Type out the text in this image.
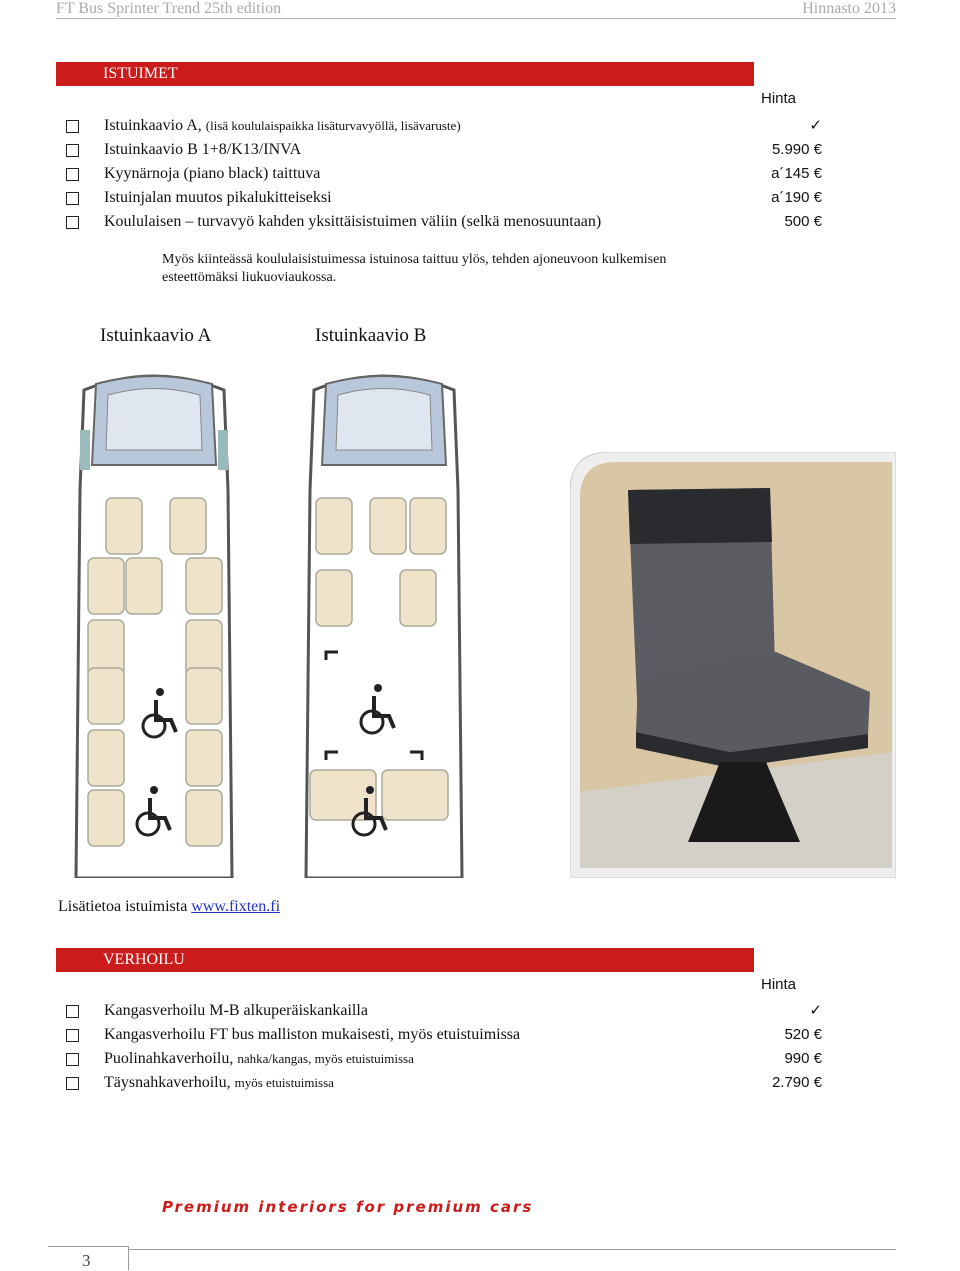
FT Bus Sprinter Trend 25th edition	Hinnasto 2013
ISTUIMET
Hinta
Istuinkaavio A, (lisä koululaispaikka lisäturvavyöllä, lisävaruste)	✓
Istuinkaavio B 1+8/K13/INVA	5.990 €
Kyynärnoja (piano black) taittuva	a´145 €
Istuinjalan muutos pikalukitteiseksi	a´190 €
Koululaisen – turvavyö kahden yksittäisistuimen väliin (selkä menosuuntaan)	500 €
Myös kiinteässä koululaisistuimessa istuinosa taittuu ylös, tehden ajoneuvoon kulkemisen esteettömäksi liukuoviaukossa.
Istuinkaavio A	Istuinkaavio B
Lisätietoa istuimista www.fixten.fi
VERHOILU
Hinta
Kangasverhoilu M-B alkuperäiskankailla	✓
Kangasverhoilu FT bus malliston mukaisesti, myös etuistuimissa	520 €
Puolinahkaverhoilu, nahka/kangas, myös etuistuimissa	990 €
Täysnahkaverhoilu, myös etuistuimissa	2.790 €
Premium interiors for premium cars
3
